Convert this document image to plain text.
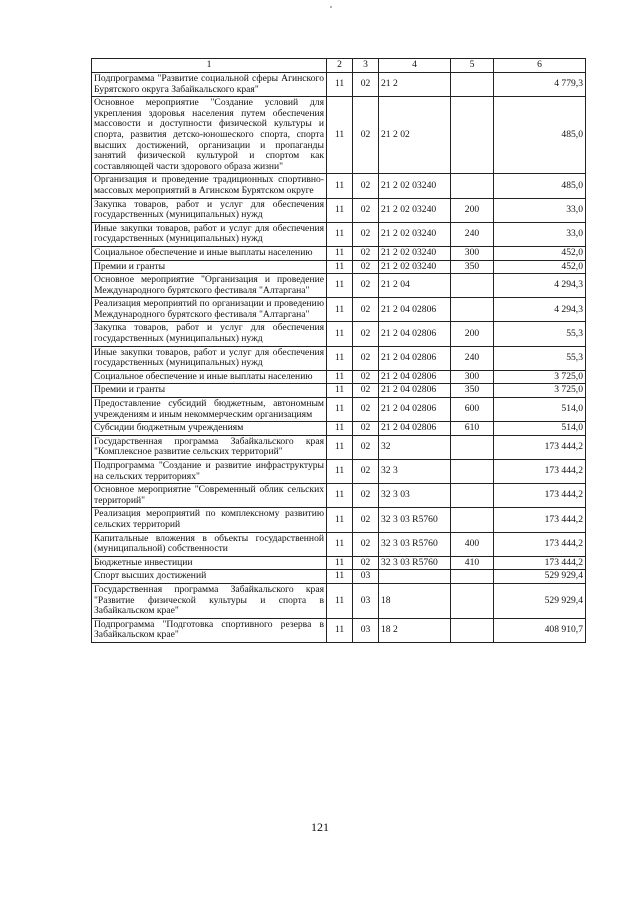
1	2	3	4	5	6
Подпрограмма "Развитие социальной сферы Агинского Бурятского округа Забайкальского края"	11	02	21 2		4 779,3
Основное мероприятие "Создание условий для укрепления здоровья населения путем обеспечения массовости и доступности физической культуры и спорта, развития детско-юношеского спорта, спорта высших достижений, организации и пропаганды занятий физической культурой и спортом как составляющей части здорового образа жизни"	11	02	21 2 02		485,0
Организация и проведение традиционных спортивно-массовых мероприятий в Агинском Бурятском округе	11	02	21 2 02 03240		485,0
Закупка товаров, работ и услуг для обеспечения государственных (муниципальных) нужд	11	02	21 2 02 03240	200	33,0
Иные закупки товаров, работ и услуг для обеспечения государственных (муниципальных) нужд	11	02	21 2 02 03240	240	33,0
Социальное обеспечение и иные выплаты населению	11	02	21 2 02 03240	300	452,0
Премии и гранты	11	02	21 2 02 03240	350	452,0
Основное мероприятие "Организация и проведение Международного бурятского фестиваля "Алтаргана"	11	02	21 2 04		4 294,3
Реализация мероприятий по организации и проведению Международного бурятского фестиваля "Алтаргана"	11	02	21 2 04 02806		4 294,3
Закупка товаров, работ и услуг для обеспечения государственных (муниципальных) нужд	11	02	21 2 04 02806	200	55,3
Иные закупки товаров, работ и услуг для обеспечения государственных (муниципальных) нужд	11	02	21 2 04 02806	240	55,3
Социальное обеспечение и иные выплаты населению	11	02	21 2 04 02806	300	3 725,0
Премии и гранты	11	02	21 2 04 02806	350	3 725,0
Предоставление субсидий бюджетным, автономным учреждениям и иным некоммерческим организациям	11	02	21 2 04 02806	600	514,0
Субсидии бюджетным учреждениям	11	02	21 2 04 02806	610	514,0
Государственная программа Забайкальского края "Комплексное развитие сельских территорий"	11	02	32		173 444,2
Подпрограмма "Создание и развитие инфраструктуры на сельских территориях"	11	02	32 3		173 444,2
Основное мероприятие "Современный облик сельских территорий"	11	02	32 3 03		173 444,2
Реализация мероприятий по комплексному развитию сельских территорий	11	02	32 3 03 R5760		173 444,2
Капитальные вложения в объекты государственной (муниципальной) собственности	11	02	32 3 03 R5760	400	173 444,2
Бюджетные инвестиции	11	02	32 3 03 R5760	410	173 444,2
Спорт высших достижений	11	03			529 929,4
Государственная программа Забайкальского края "Развитие физической культуры и спорта в Забайкальском крае"	11	03	18		529 929,4
Подпрограмма "Подготовка спортивного резерва в Забайкальском крае"	11	03	18 2		408 910,7
121
